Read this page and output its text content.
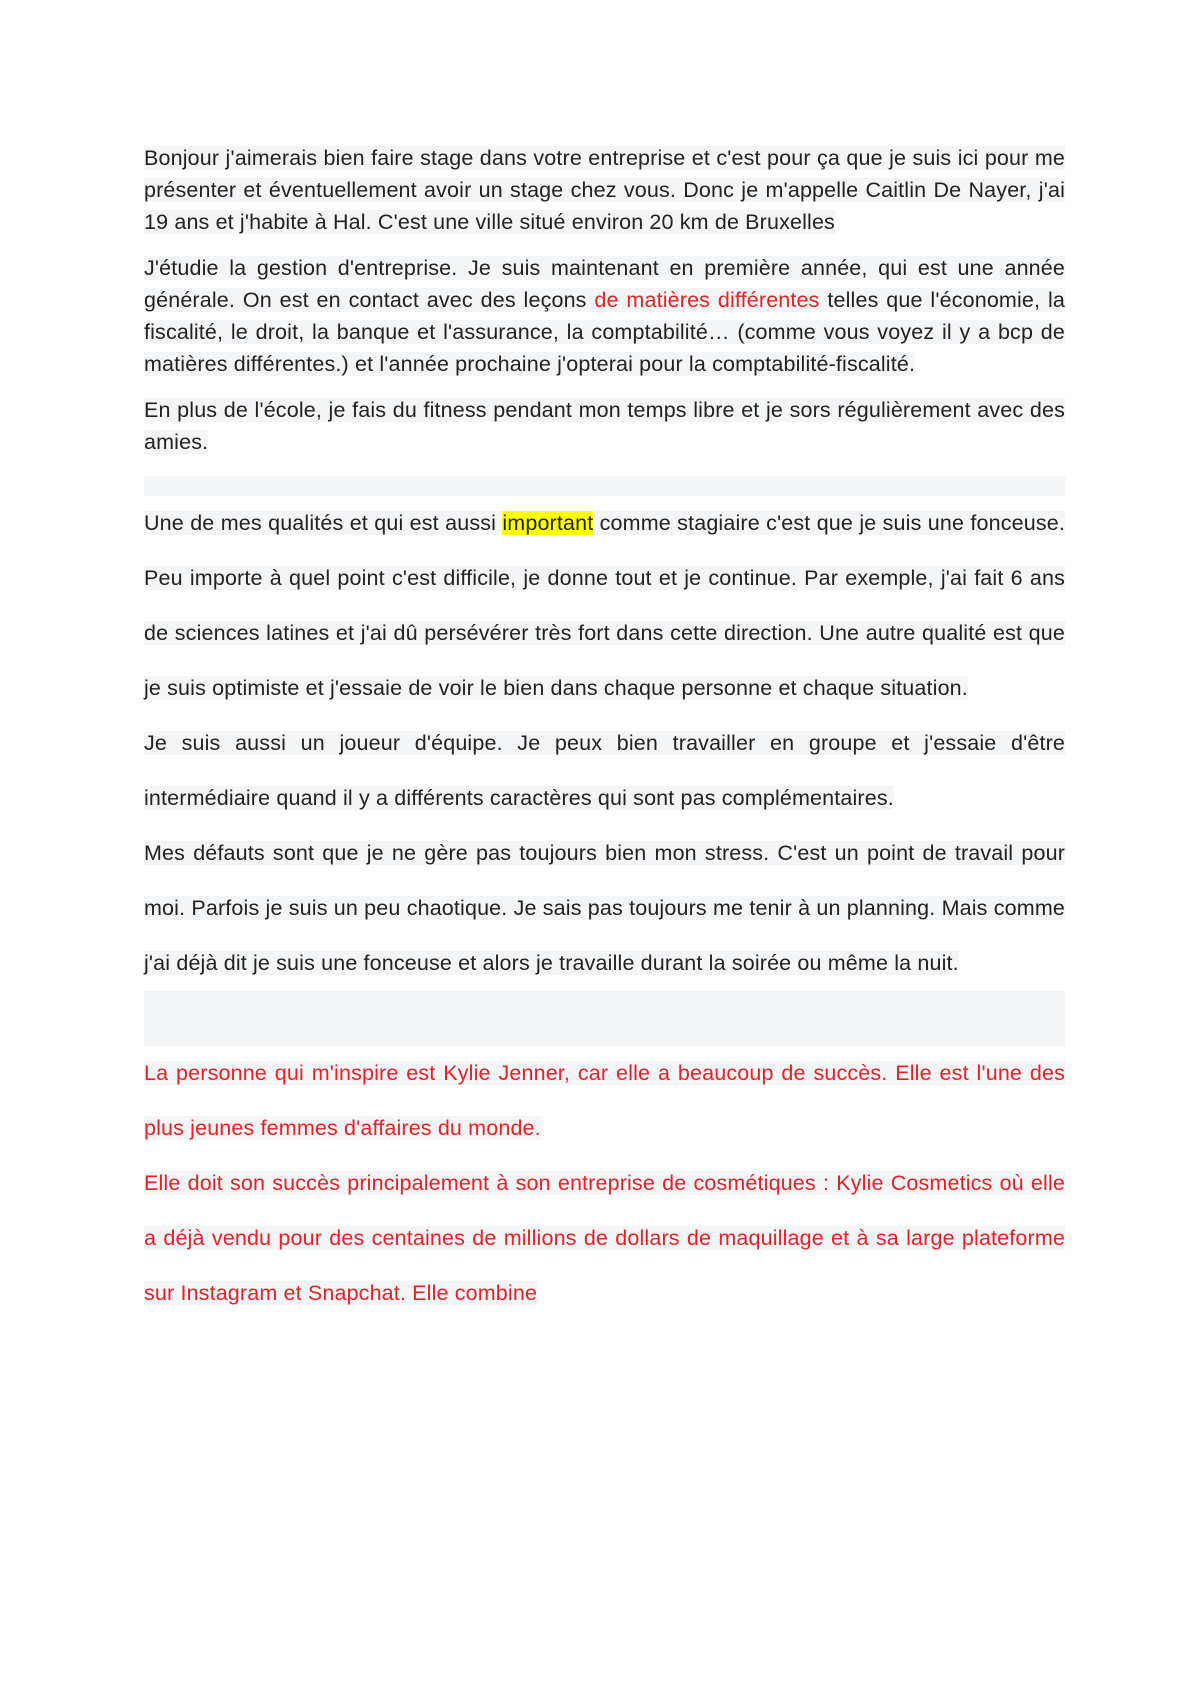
Bonjour j'aimerais bien faire stage dans votre entreprise et c'est pour ça que je suis ici pour me présenter et éventuellement avoir un stage chez vous. Donc je m'appelle Caitlin De Nayer, j'ai 19 ans et j'habite à Hal. C'est une ville situé environ 20 km de Bruxelles

J'étudie la gestion d'entreprise. Je suis maintenant en première année, qui est une année générale. On est en contact avec des leçons de matières différentes telles que l'économie, la fiscalité, le droit, la banque et l'assurance, la comptabilité… (comme vous voyez il y a bcp de matières différentes.) et l'année prochaine j'opterai pour la comptabilité-fiscalité.

En plus de l'école, je fais du fitness pendant mon temps libre et je sors régulièrement avec des amies.

Une de mes qualités et qui est aussi important comme stagiaire c'est que je suis une fonceuse. Peu importe à quel point c'est difficile, je donne tout et je continue. Par exemple, j'ai fait 6 ans de sciences latines et j'ai dû persévérer très fort dans cette direction. Une autre qualité est que je suis optimiste et j'essaie de voir le bien dans chaque personne et chaque situation.

Je suis aussi un joueur d'équipe. Je peux bien travailler en groupe et j'essaie d'être intermédiaire quand il y a différents caractères qui sont pas complémentaires.

Mes défauts sont que je ne gère pas toujours bien mon stress. C'est un point de travail pour moi. Parfois je suis un peu chaotique. Je sais pas toujours me tenir à un planning. Mais comme j'ai déjà dit je suis une fonceuse et alors je travaille durant la soirée ou même la nuit.

La personne qui m'inspire est Kylie Jenner, car elle a beaucoup de succès. Elle est l'une des plus jeunes femmes d'affaires du monde.

Elle doit son succès principalement à son entreprise de cosmétiques : Kylie Cosmetics où elle a déjà vendu pour des centaines de millions de dollars de maquillage et à sa large plateforme sur Instagram et Snapchat. Elle combine
